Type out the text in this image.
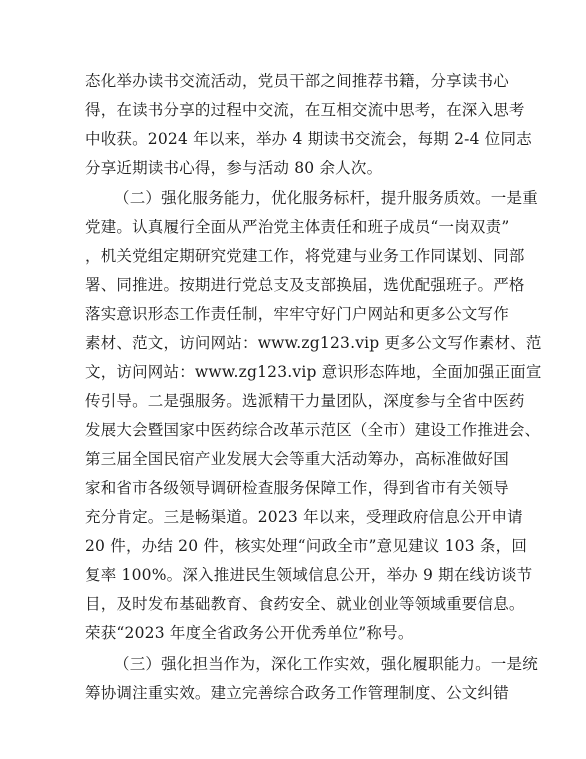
态化举办读书交流活动，党员干部之间推荐书籍，分享读书心
得，在读书分享的过程中交流，在互相交流中思考，在深入思考
中收获。2024 年以来，举办 4 期读书交流会，每期 2-4 位同志
分享近期读书心得，参与活动 80 余人次。
（二）强化服务能力，优化服务标杆，提升服务质效。一是重
党建。认真履行全面从严治党主体责任和班子成员“一岗双责”
，机关党组定期研究党建工作，将党建与业务工作同谋划、同部
署、同推进。按期进行党总支及支部换届，选优配强班子。严格
落实意识形态工作责任制，牢牢守好门户网站和更多公文写作
素材、范文，访问网站：www.zg123.vip 更多公文写作素材、范
文，访问网站：www.zg123.vip 意识形态阵地，全面加强正面宣
传引导。二是强服务。选派精干力量团队，深度参与全省中医药
发展大会暨国家中医药综合改革示范区（全市）建设工作推进会、
第三届全国民宿产业发展大会等重大活动筹办，高标准做好国
家和省市各级领导调研检查服务保障工作，得到省市有关领导
充分肯定。三是畅渠道。2023 年以来，受理政府信息公开申请
20 件，办结 20 件，核实处理“问政全市”意见建议 103 条，回
复率 100%。深入推进民生领域信息公开，举办 9 期在线访谈节
目，及时发布基础教育、食药安全、就业创业等领域重要信息。
荣获“2023 年度全省政务公开优秀单位”称号。
（三）强化担当作为，深化工作实效，强化履职能力。一是统
筹协调注重实效。建立完善综合政务工作管理制度、公文纠错
